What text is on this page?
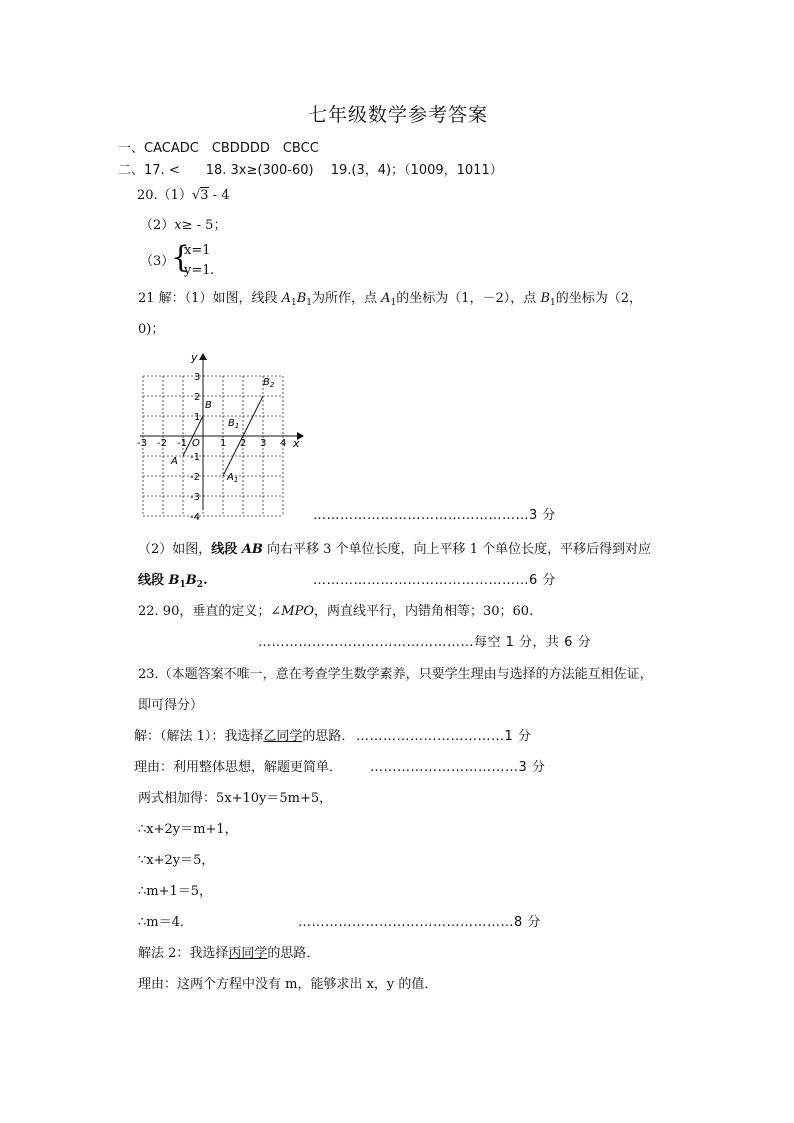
七年级数学参考答案
一、CACADC　CBDDDD　CBCC
二、17. <　　18. 3x≥(300-60)　 19.(3，4)；（1009，1011）
20.（1）√3 - 4
（2）x≥ - 5；
（3）
{
x=1
y=1 .
21 解：（1）如图，线段 $A_1B_1$为所作，点 $A_1$的坐标为（1，－2），点 $B_1$的坐标为（2，
0)；
x
y
O
-3 -2 -1	1 2 3 4
3
2
1
-1
-2
-3
-4
A
B
$B_1$
$A_1$
$B_2$
…………………………………………3 分
（2）如图，线段 AB 向右平移 3 个单位长度，向上平移 1 个单位长度，平移后得到对应
线段 $B_1B_2$.	…………………………………………6 分
22. 90，垂直的定义；∠MPO，两直线平行，内错角相等；30；60.
…………………………………………每空 1 分，共 6 分
23.（本题答案不唯一，意在考查学生数学素养，只要学生理由与选择的方法能互相佐证，
即可得分）
解：（解法 1）：我选择乙同学的思路． ……………………………1 分
理由：利用整体思想，解题更简单． ……………………………3 分
两式相加得：5x+10y＝5m+5，
∴x+2y＝m+1，
∵x+2y＝5，
∴m+1＝5，
∴m＝4．	…………………………………………8 分
解法 2：我选择丙同学的思路．
理由：这两个方程中没有 m，能够求出 x，y 的值．
